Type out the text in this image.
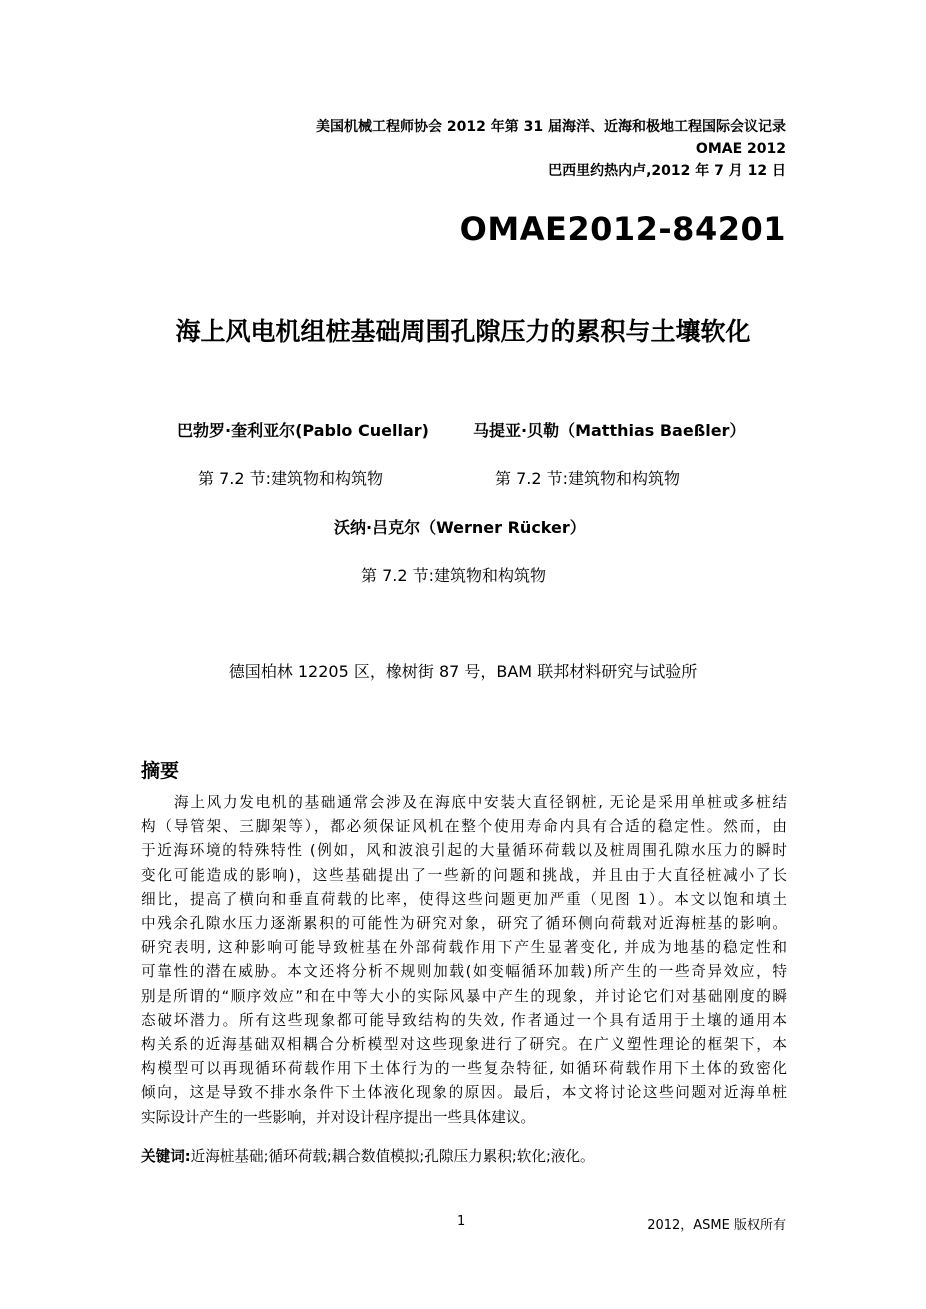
美国机械工程师协会 2012 年第 31 届海洋、近海和极地工程国际会议记录
OMAE 2012
巴西里约热内卢,2012 年 7 月 12 日
OMAE2012-84201
海上风电机组桩基础周围孔隙压力的累积与土壤软化
巴勃罗·奎利亚尔(Pablo Cuellar)	马提亚·贝勒（Matthias Baeßler）
第 7.2 节:建筑物和构筑物	第 7.2 节:建筑物和构筑物
沃纳·吕克尔（Werner Rücker）
第 7.2 节:建筑物和构筑物
德国柏林 12205 区，橡树街 87 号，BAM 联邦材料研究与试验所
摘要
海上风力发电机的基础通常会涉及在海底中安装大直径钢桩, 无论是采用单桩或多桩结
构（导管架、三脚架等），都必须保证风机在整个使用寿命内具有合适的稳定性。然而，由
于近海环境的特殊特性 (例如，风和波浪引起的大量循环荷载以及桩周围孔隙水压力的瞬时
变化可能造成的影响)，这些基础提出了一些新的问题和挑战，并且由于大直径桩减小了长
细比，提高了横向和垂直荷载的比率，使得这些问题更加严重（见图 1）。本文以饱和填土
中残余孔隙水压力逐渐累积的可能性为研究对象，研究了循环侧向荷载对近海桩基的影响。
研究表明, 这种影响可能导致桩基在外部荷载作用下产生显著变化, 并成为地基的稳定性和
可靠性的潜在威胁。本文还将分析不规则加载(如变幅循环加载)所产生的一些奇异效应，特
别是所谓的“顺序效应”和在中等大小的实际风暴中产生的现象，并讨论它们对基础刚度的瞬
态破坏潜力。所有这些现象都可能导致结构的失效, 作者通过一个具有适用于土壤的通用本
构关系的近海基础双相耦合分析模型对这些现象进行了研究。在广义塑性理论的框架下，本
构模型可以再现循环荷载作用下土体行为的一些复杂特征, 如循环荷载作用下土体的致密化
倾向，这是导致不排水条件下土体液化现象的原因。最后，本文将讨论这些问题对近海单桩
实际设计产生的一些影响，并对设计程序提出一些具体建议。
关键词:近海桩基础;循环荷载;耦合数值模拟;孔隙压力累积;软化;液化。
1	2012，ASME 版权所有
